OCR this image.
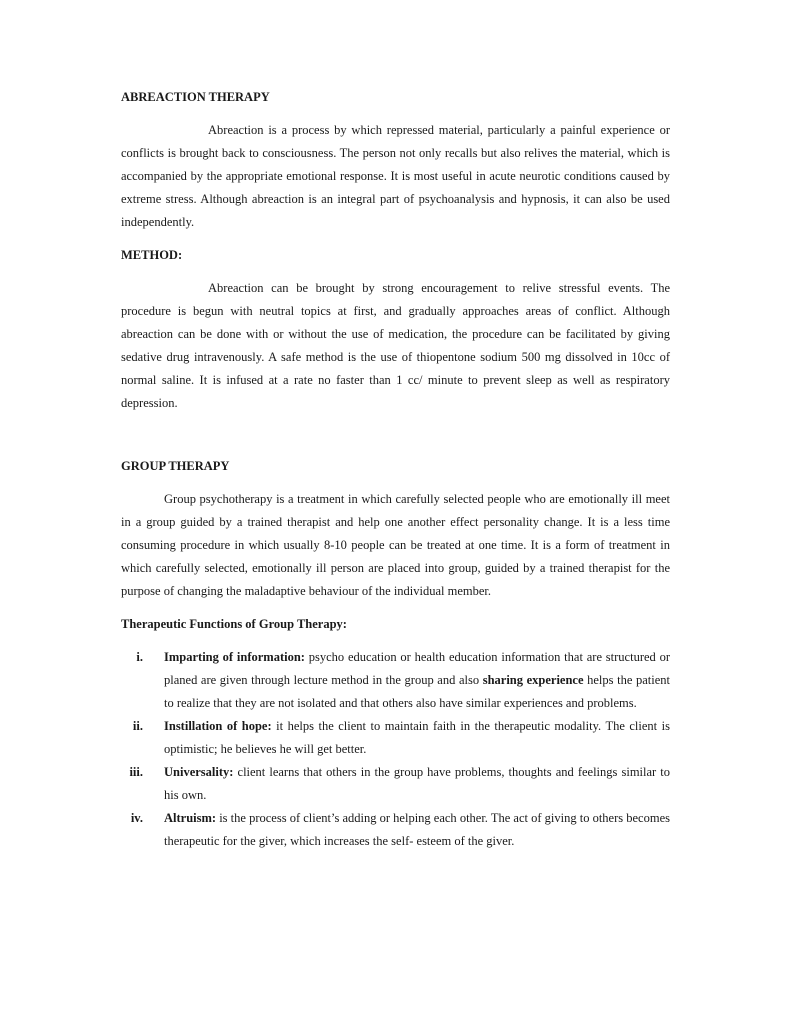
ABREACTION THERAPY

Abreaction is a process by which repressed material, particularly a painful experience or conflicts is brought back to consciousness. The person not only recalls but also relives the material, which is accompanied by the appropriate emotional response. It is most useful in acute neurotic conditions caused by extreme stress. Although abreaction is an integral part of psychoanalysis and hypnosis, it can also be used independently.

METHOD:

Abreaction can be brought by strong encouragement to relive stressful events. The procedure is begun with neutral topics at first, and gradually approaches areas of conflict. Although abreaction can be done with or without the use of medication, the procedure can be facilitated by giving sedative drug intravenously. A safe method is the use of thiopentone sodium 500 mg dissolved in 10cc of normal saline. It is infused at a rate no faster than 1 cc/ minute to prevent sleep as well as respiratory depression.

GROUP THERAPY

Group psychotherapy is a treatment in which carefully selected people who are emotionally ill meet in a group guided by a trained therapist and help one another effect personality change. It is a less time consuming procedure in which usually 8-10 people can be treated at one time. It is a form of treatment in which carefully selected, emotionally ill person are placed into group, guided by a trained therapist for the purpose of changing the maladaptive behaviour of the individual member.

Therapeutic Functions of Group Therapy:
i. Imparting of information: psycho education or health education information that are structured or planed are given through lecture method in the group and also sharing experience helps the patient to realize that they are not isolated and that others also have similar experiences and problems.
ii. Instillation of hope: it helps the client to maintain faith in the therapeutic modality. The client is optimistic; he believes he will get better.
iii. Universality: client learns that others in the group have problems, thoughts and feelings similar to his own.
iv. Altruism: is the process of client’s adding or helping each other. The act of giving to others becomes therapeutic for the giver, which increases the self- esteem of the giver.
